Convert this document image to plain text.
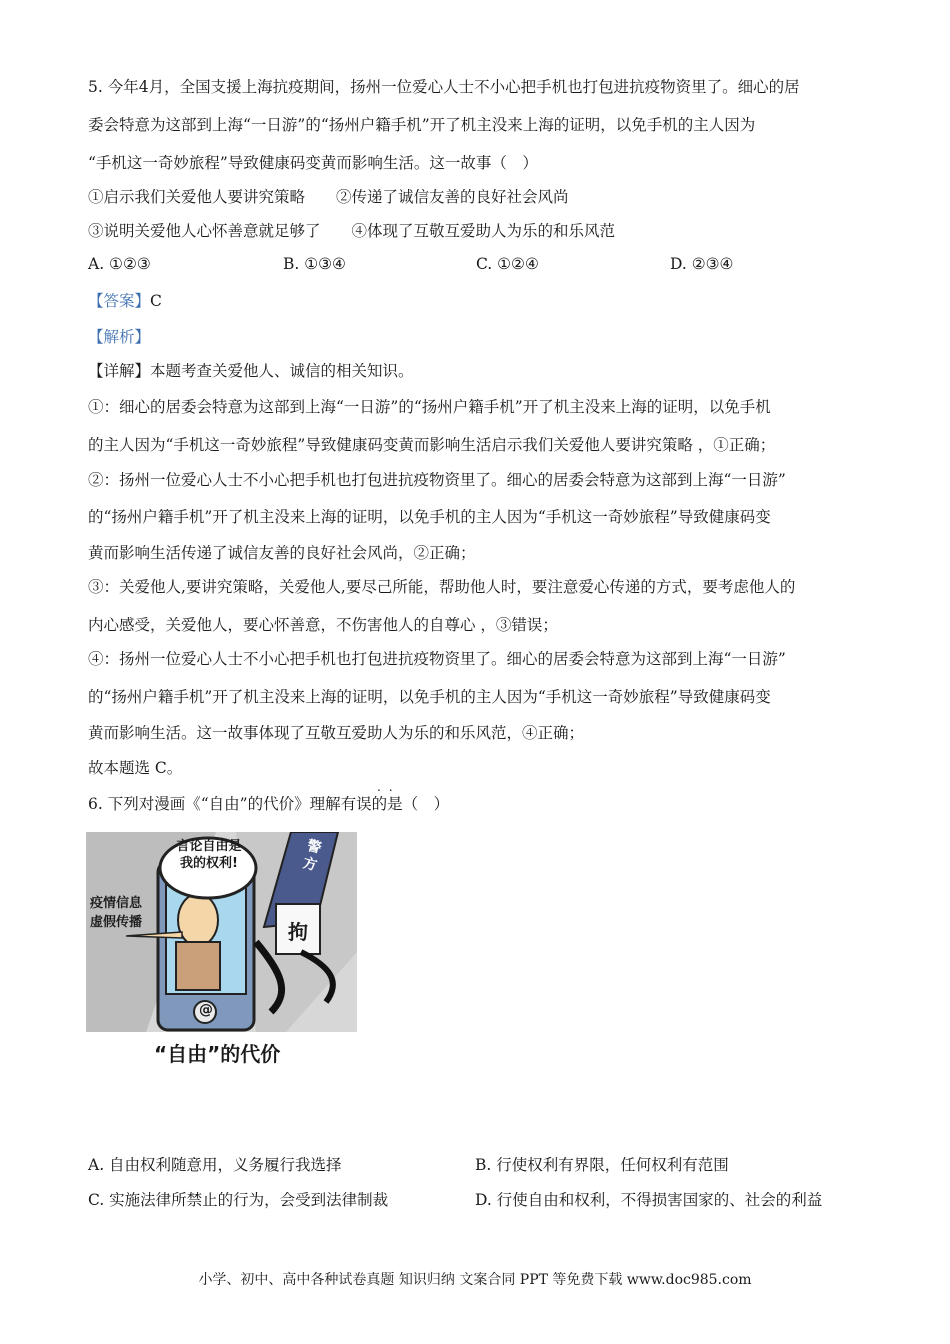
5. 今年4月，全国支援上海抗疫期间，扬州一位爱心人士不小心把手机也打包进抗疫物资里了。细心的居
委会特意为这部到上海“一日游”的“扬州户籍手机”开了机主没来上海的证明，以免手机的主人因为
“手机这一奇妙旅程”导致健康码变黄而影响生活。这一故事（　）
①启示我们关爱他人要讲究策略　　②传递了诚信友善的良好社会风尚
③说明关爱他人心怀善意就足够了　　④体现了互敬互爱助人为乐的和乐风范
A. ①②③	B. ①③④	C. ①②④	D. ②③④
【答案】C
【解析】
【详解】本题考查关爱他人、诚信的相关知识。
①：细心的居委会特意为这部到上海“一日游”的“扬州户籍手机”开了机主没来上海的证明，以免手机
的主人因为“手机这一奇妙旅程”导致健康码变黄而影响生活启示我们关爱他人要讲究策略 ，①正确；
②：扬州一位爱心人士不小心把手机也打包进抗疫物资里了。细心的居委会特意为这部到上海“一日游”
的“扬州户籍手机”开了机主没来上海的证明，以免手机的主人因为“手机这一奇妙旅程”导致健康码变
黄而影响生活传递了诚信友善的良好社会风尚，②正确；
③：关爱他人,要讲究策略，关爱他人,要尽己所能，帮助他人时，要注意爱心传递的方式，要考虑他人的
内心感受，关爱他人，要心怀善意，不伤害他人的自尊心 ，③错误；
④：扬州一位爱心人士不小心把手机也打包进抗疫物资里了。细心的居委会特意为这部到上海“一日游”
的“扬州户籍手机”开了机主没来上海的证明，以免手机的主人因为“手机这一奇妙旅程”导致健康码变
黄而影响生活。这一故事体现了互敬互爱助人为乐的和乐风范，④正确；
故本题选 C。
..
6. 下列对漫画《“自由”的代价》理解有误的是（　）
言论自由是
我的权利!
疫情信息
虚假传播
警
方
拘
@
“自由”的代价
A. 自由权利随意用，义务履行我选择	B. 行使权利有界限，任何权利有范围
C. 实施法律所禁止的行为，会受到法律制裁	D. 行使自由和权利，不得损害国家的、社会的利益
小学、初中、高中各种试卷真题 知识归纳 文案合同 PPT 等免费下载 www.doc985.com
